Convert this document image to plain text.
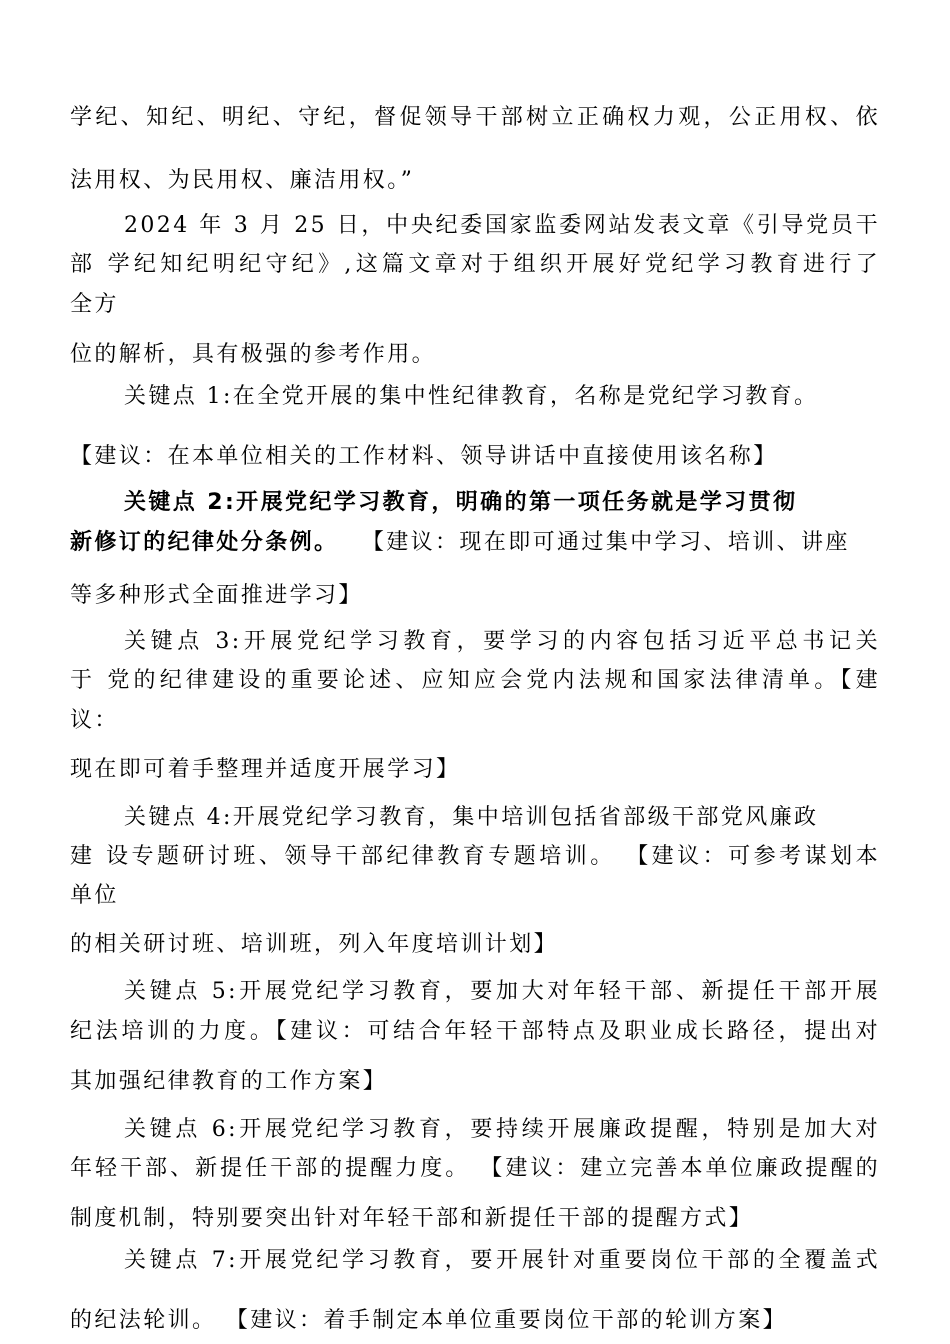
学纪、知纪、明纪、守纪，督促领导干部树立正确权力观，公正用权、依
法用权、为民用权、廉洁用权。”
2024 年 3 月 25 日，中央纪委国家监委网站发表文章《引导党员干
部 学纪知纪明纪守纪》,这篇文章对于组织开展好党纪学习教育进行了
全方
位的解析，具有极强的参考作用。
关键点 1:在全党开展的集中性纪律教育，名称是党纪学习教育。
【建议：在本单位相关的工作材料、领导讲话中直接使用该名称】
关键点 2:开展党纪学习教育，明确的第一项任务就是学习贯彻
新修订的纪律处分条例。 【建议：现在即可通过集中学习、培训、讲座
等多种形式全面推进学习】
关键点 3:开展党纪学习教育，要学习的内容包括习近平总书记关
于 党的纪律建设的重要论述、应知应会党内法规和国家法律清单。【建
议：
现在即可着手整理并适度开展学习】
关键点 4:开展党纪学习教育，集中培训包括省部级干部党风廉政
建 设专题研讨班、领导干部纪律教育专题培训。 【建议：可参考谋划本
单位
的相关研讨班、培训班，列入年度培训计划】
关键点 5:开展党纪学习教育，要加大对年轻干部、新提任干部开展
纪法培训的力度。【建议：可结合年轻干部特点及职业成长路径，提出对
其加强纪律教育的工作方案】
关键点 6:开展党纪学习教育，要持续开展廉政提醒，特别是加大对
年轻干部、新提任干部的提醒力度。 【建议：建立完善本单位廉政提醒的
制度机制，特别要突出针对年轻干部和新提任干部的提醒方式】
关键点 7:开展党纪学习教育，要开展针对重要岗位干部的全覆盖式
的纪法轮训。 【建议：着手制定本单位重要岗位干部的轮训方案】
